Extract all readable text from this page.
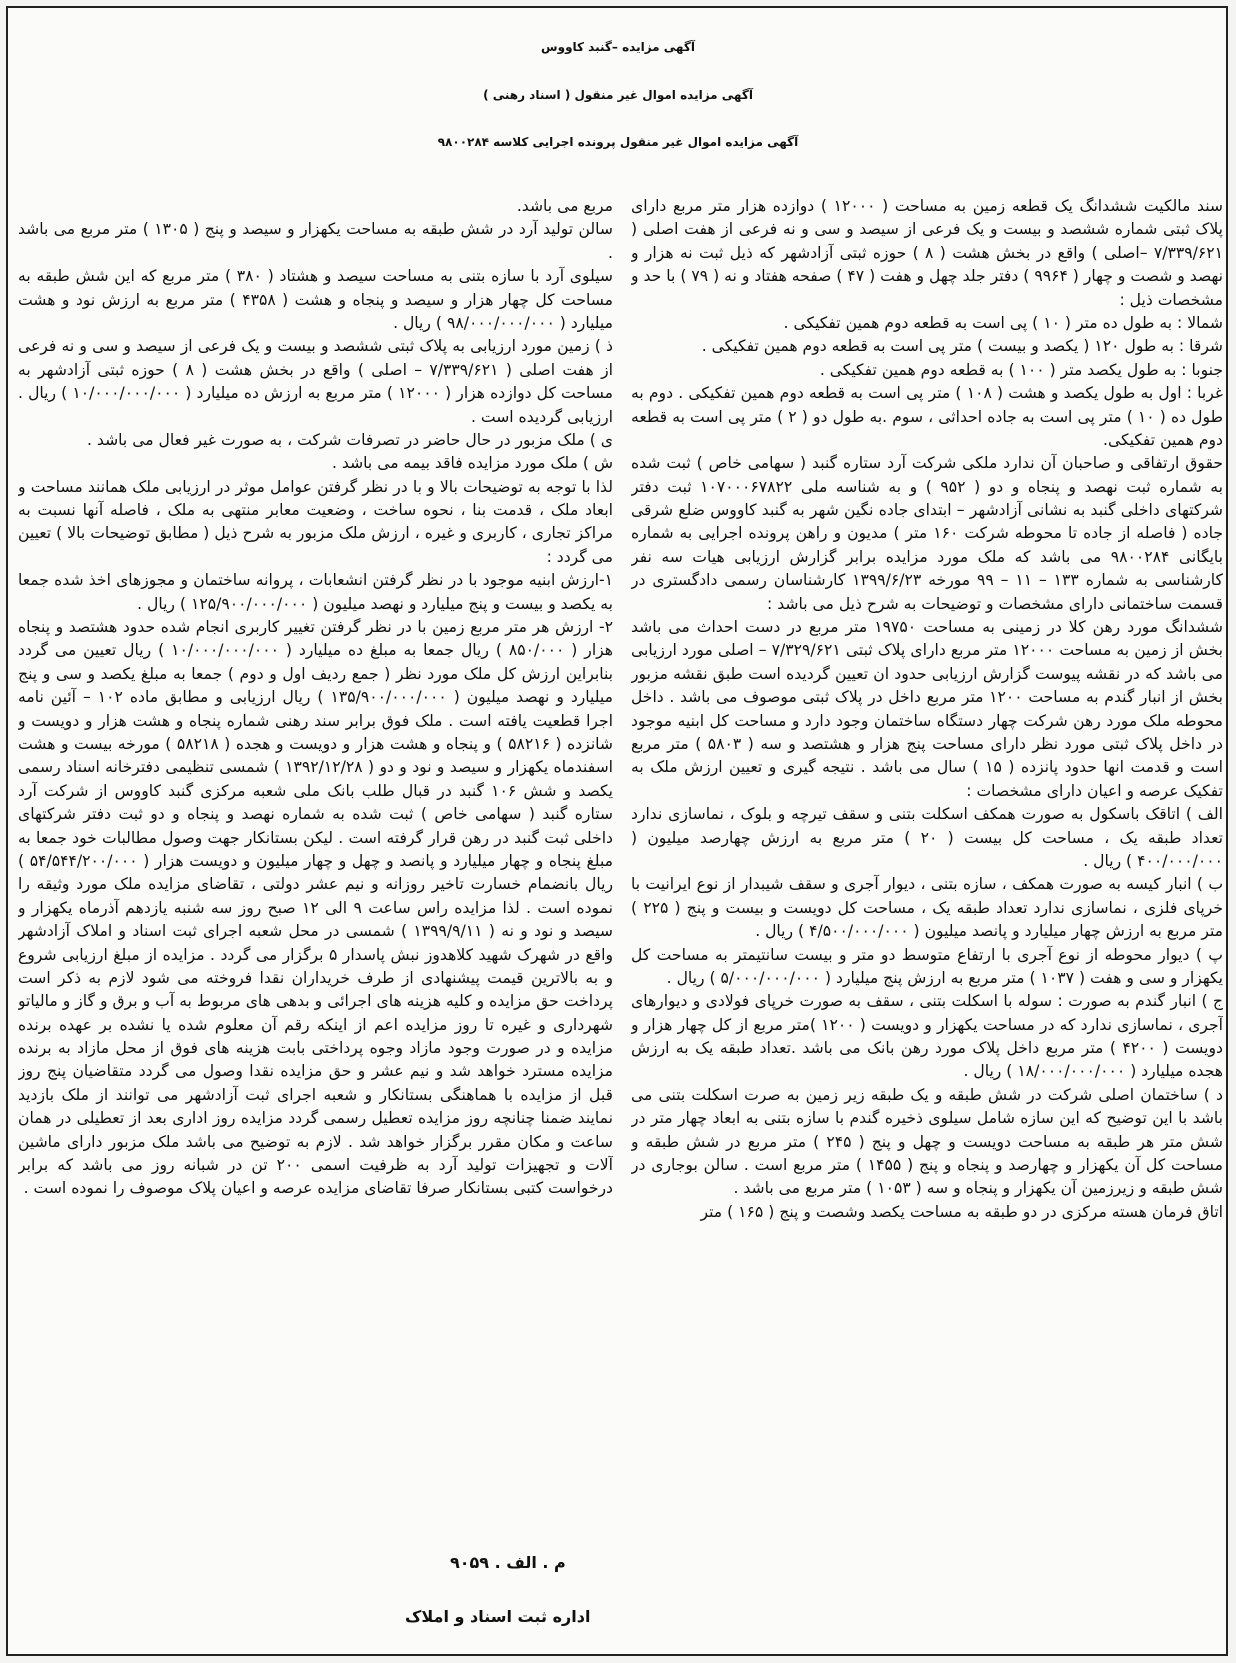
آگهی مزایده –گنبد کاووس
آگهی مزایده اموال غیر منقول ( اسناد رهنی )
آگهی مزایده اموال غیر منقول پرونده اجرایی کلاسه ۹۸۰۰۲۸۴

سند مالکیت ششدانگ یک قطعه زمین به مساحت ( ۱۲۰۰۰ ) دوازده هزار متر مربع دارای پلاک ثبتی شماره ششصد و بیست و یک فرعی از سیصد و سی و نه فرعی از هفت اصلی ( ۷/۳۳۹/۶۲۱ –اصلی ) واقع در بخش هشت ( ۸ ) حوزه ثبتی آزادشهر که ذیل ثبت نه هزار و نهصد و شصت و چهار ( ۹۹۶۴ ) دفتر جلد چهل و هفت ( ۴۷ ) صفحه هفتاد و نه ( ۷۹ ) با حد و مشخصات ذیل :

شمالا : به طول ده متر ( ۱۰ ) پی است به قطعه دوم همین تفکیکی .

شرقا : به طول ۱۲۰ ( یکصد و بیست ) متر پی است به قطعه دوم همین تفکیکی .

جنوبا : به طول یکصد متر ( ۱۰۰ ) به قطعه دوم همین تفکیکی .

غربا : اول به طول یکصد و هشت ( ۱۰۸ ) متر پی است به قطعه دوم همین تفکیکی . دوم به طول ده ( ۱۰ ) متر پی است به جاده احداثی ، سوم .به طول دو ( ۲ ) متر پی است به قطعه دوم همین تفکیکی.

حقوق ارتفاقی و صاحبان آن ندارد ملکی شرکت آرد ستاره گنبد ( سهامی خاص ) ثبت شده به شماره ثبت نهصد و پنجاه و دو ( ۹۵۲ ) و به شناسه ملی ۱۰۷۰۰۰۶۷۸۲۲ ثبت دفتر شرکتهای داخلی گنبد به نشانی آزادشهر – ابتدای جاده نگین شهر به گنبد کاووس ضلع شرقی جاده ( فاصله از جاده تا محوطه شرکت ۱۶۰ متر ) مدیون و راهن پرونده اجرایی به شماره بایگانی ۹۸۰۰۲۸۴ می باشد که ملک مورد مزایده برابر گزارش ارزیابی هیات سه نفر کارشناسی به شماره ۱۳۳ – ۱۱ – ۹۹ مورخه ۱۳۹۹/۶/۲۳ کارشناسان رسمی دادگستری در قسمت ساختمانی دارای مشخصات و توضیحات به شرح ذیل می باشد :

ششدانگ مورد رهن کلا در زمینی به مساحت ۱۹۷۵۰ متر مربع در دست احداث می باشد بخش از زمین به مساحت ۱۲۰۰۰ متر مربع دارای پلاک ثبتی ۷/۳۲۹/۶۲۱ – اصلی مورد ارزیابی می باشد که در نقشه پیوست گزارش ارزیابی حدود ان تعیین گردیده است طبق نقشه مزبور بخش از انبار گندم به مساحت ۱۲۰۰ متر مربع داخل در پلاک ثبتی موصوف می باشد . داخل محوطه ملک مورد رهن شرکت چهار دستگاه ساختمان وجود دارد و مساحت کل ابنیه موجود در داخل پلاک ثبتی مورد نظر دارای مساحت پنج هزار و هشتصد و سه ( ۵۸۰۳ ) متر مربع است و قدمت انها حدود پانزده ( ۱۵ ) سال می باشد . نتیجه گیری و تعیین ارزش ملک به تفکیک عرصه و اعیان دارای مشخصات :

الف ) اتاقک باسکول به صورت همکف اسکلت بتنی و سقف تیرچه و بلوک ، نماسازی ندارد تعداد طبقه یک ، مساحت کل بیست ( ۲۰ ) متر مربع به ارزش چهارصد میلیون ( ۴۰۰/۰۰۰/۰۰۰ ) ریال .

ب ) انبار کیسه به صورت همکف ، سازه بتنی ، دیوار آجری و سقف شیبدار از نوع ایرانیت با خرپای فلزی ، نماسازی ندارد تعداد طبقه یک ، مساحت کل دویست و بیست و پنج ( ۲۲۵ ) متر مربع به ارزش چهار میلیارد و پانصد میلیون ( ۴/۵۰۰/۰۰۰/۰۰۰ ) ریال .

پ ) دیوار محوطه از نوع آجری با ارتفاع متوسط دو متر و بیست سانتیمتر به مساحت کل یکهزار و سی و هفت ( ۱۰۳۷ ) متر مربع به ارزش پنج میلیارد ( ۵/۰۰۰/۰۰۰/۰۰۰ ) ریال .

ج ) انبار گندم به صورت : سوله با اسکلت بتنی ، سقف به صورت خرپای فولادی و دیوارهای آجری ، نماسازی ندارد که در مساحت یکهزار و دویست ( ۱۲۰۰ )متر مربع از کل چهار هزار و دویست ( ۴۲۰۰ ) متر مربع داخل پلاک مورد رهن بانک می باشد .تعداد طبقه یک به ارزش هجده میلیارد ( ۱۸/۰۰۰/۰۰۰/۰۰۰ ) ریال .

د ) ساختمان اصلی شرکت در شش طبقه و یک طبقه زیر زمین به صرت اسکلت بتنی می باشد با این توضیح که این سازه شامل سیلوی ذخیره گندم با سازه بتنی به ابعاد چهار متر در شش متر هر طبقه به مساحت دویست و چهل و پنج ( ۲۴۵ ) متر مربع در شش طبقه و مساحت کل آن یکهزار و چهارصد و پنجاه و پنج ( ۱۴۵۵ ) متر مربع است . سالن بوجاری در شش طبقه و زیرزمین آن یکهزار و پنجاه و سه ( ۱۰۵۳ ) متر مربع می باشد .

اتاق فرمان هسته مرکزی در دو طبقه به مساحت یکصد وشصت و پنج ( ۱۶۵ ) متر

مربع می باشد.

سالن تولید آرد در شش طبقه به مساحت یکهزار و سیصد و پنج ( ۱۳۰۵ ) متر مربع می باشد .

سیلوی آرد با سازه بتنی به مساحت سیصد و هشتاد ( ۳۸۰ ) متر مربع که این شش طبقه به مساحت کل چهار هزار و سیصد و پنجاه و هشت ( ۴۳۵۸ ) متر مربع به ارزش نود و هشت میلیارد ( ۹۸/۰۰۰/۰۰۰/۰۰۰ ) ریال .

ذ ) زمین مورد ارزیابی به پلاک ثبتی ششصد و بیست و یک فرعی از سیصد و سی و نه فرعی از هفت اصلی ( ۷/۳۳۹/۶۲۱ – اصلی ) واقع در بخش هشت ( ۸ ) حوزه ثبتی آزادشهر به مساحت کل دوازده هزار ( ۱۲۰۰۰ ) متر مربع به ارزش ده میلیارد ( ۱۰/۰۰۰/۰۰۰/۰۰۰ ) ریال . ارزیابی گردیده است .

ی ) ملک مزبور در حال حاضر در تصرفات شرکت ، به صورت غیر فعال می باشد .

ش ) ملک مورد مزایده فاقد بیمه می باشد .

لذا با توجه به توضیحات بالا و با در نظر گرفتن عوامل موثر در ارزیابی ملک همانند مساحت و ابعاد ملک ، قدمت بنا ، نحوه ساخت ، وضعیت معابر منتهی به ملک ، فاصله آنها نسبت به مراکز تجاری ، کاربری و غیره ، ارزش ملک مزبور به شرح ذیل ( مطابق توضیحات بالا ) تعیین می گردد :

۱-ارزش ابنیه موجود با در نظر گرفتن انشعابات ، پروانه ساختمان و مجوزهای اخذ شده جمعا به یکصد و بیست و پنج میلیارد و نهصد میلیون ( ۱۲۵/۹۰۰/۰۰۰/۰۰۰ ) ریال .

۲- ارزش هر متر مربع زمین با در نظر گرفتن تغییر کاربری انجام شده حدود هشتصد و پنجاه هزار ( ۸۵۰/۰۰۰ ) ریال جمعا به مبلغ ده میلیارد ( ۱۰/۰۰۰/۰۰۰/۰۰۰ ) ریال تعیین می گردد بنابراین ارزش کل ملک مورد نظر ( جمع ردیف اول و دوم ) جمعا به مبلغ یکصد و سی و پنج میلیارد و نهصد میلیون ( ۱۳۵/۹۰۰/۰۰۰/۰۰۰ ) ریال ارزیابی و مطابق ماده ۱۰۲ – آئین نامه اجرا قطعیت یافته است . ملک فوق برابر سند رهنی شماره پنجاه و هشت هزار و دویست و شانزده ( ۵۸۲۱۶ ) و پنجاه و هشت هزار و دویست و هجده ( ۵۸۲۱۸ ) مورخه بیست و هشت اسفندماه یکهزار و سیصد و نود و دو ( ۱۳۹۲/۱۲/۲۸ ) شمسی تنظیمی دفترخانه اسناد رسمی یکصد و شش ۱۰۶ گنبد در قبال طلب بانک ملی شعبه مرکزی گنبد کاووس از شرکت آرد ستاره گنبد ( سهامی خاص ) ثبت شده به شماره نهصد و پنجاه و دو ثبت دفتر شرکتهای داخلی ثبت گنبد در رهن قرار گرفته است . لیکن بستانکار جهت وصول مطالبات خود جمعا به مبلغ پنجاه و چهار میلیارد و پانصد و چهل و چهار میلیون و دویست هزار ( ۵۴/۵۴۴/۲۰۰/۰۰۰ ) ریال بانضمام خسارت تاخیر روزانه و نیم عشر دولتی ، تقاضای مزایده ملک مورد وثیقه را نموده است . لذا مزایده راس ساعت ۹ الی ۱۲ صبح روز سه شنبه یازدهم آذرماه یکهزار و سیصد و نود و نه ( ۱۳۹۹/۹/۱۱ ) شمسی در محل شعبه اجرای ثبت اسناد و املاک آزادشهر واقع در شهرک شهید کلاهدوز نبش پاسدار ۵ برگزار می گردد . مزایده از مبلغ ارزیابی شروع و به بالاترین قیمت پیشنهادی از طرف خریداران نقدا فروخته می شود لازم به ذکر است پرداخت حق مزایده و کلیه هزینه های اجرائی و بدهی های مربوط به آب و برق و گاز و مالیاتو شهرداری و غیره تا روز مزایده اعم از اینکه رقم آن معلوم شده یا نشده بر عهده برنده مزایده و در صورت وجود مازاد وجوه پرداختی بابت هزینه های فوق از محل مازاد به برنده مزایده مسترد خواهد شد و نیم عشر و حق مزایده نقدا وصول می گردد متقاضیان پنج روز قبل از مزایده با هماهنگی بستانکار و شعبه اجرای ثبت آزادشهر می توانند از ملک بازدید نمایند ضمنا چنانچه روز مزایده تعطیل رسمی گردد مزایده روز اداری بعد از تعطیلی در همان ساعت و مکان مقرر برگزار خواهد شد . لازم به توضیح می باشد ملک مزبور دارای ماشین آلات و تجهیزات تولید آرد به ظرفیت اسمی ۲۰۰ تن در شبانه روز می باشد که برابر درخواست کتبی بستانکار صرفا تقاضای مزایده عرصه و اعیان پلاک موصوف را نموده است .

م . الف . ۹۰۵۹
اداره ثبت اسناد و املاک
